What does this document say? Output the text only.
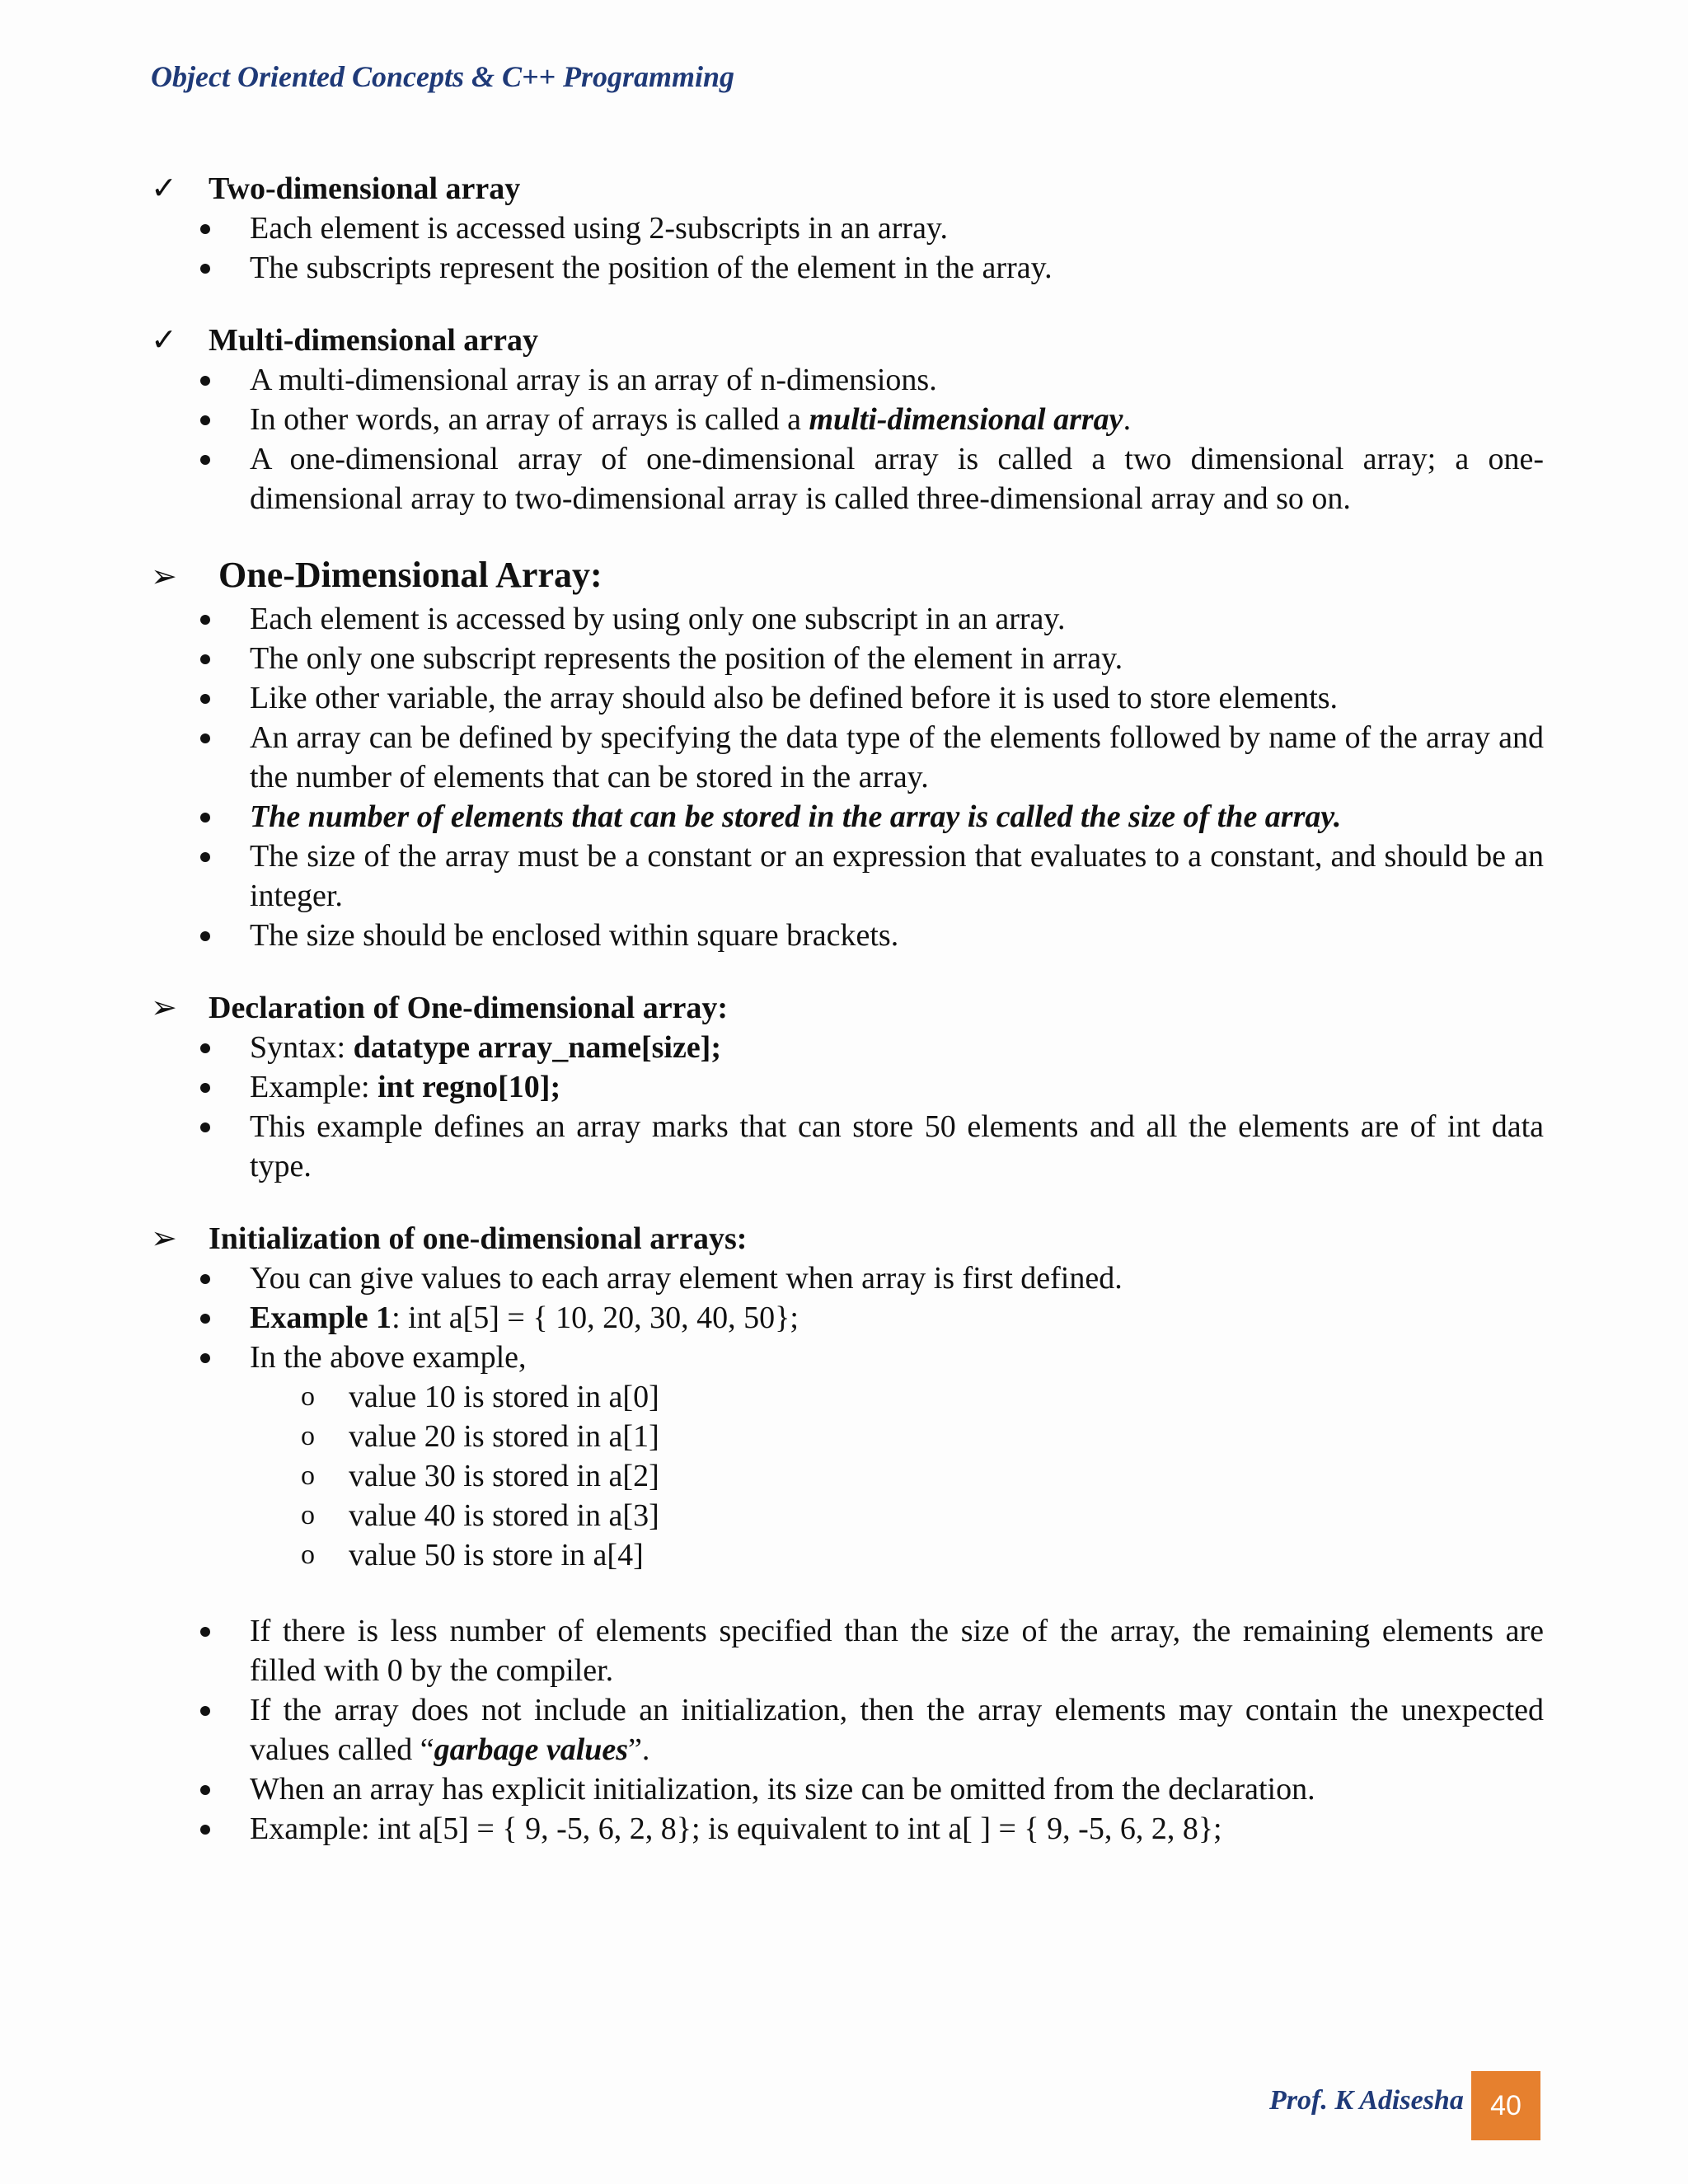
Object Oriented Concepts & C++ Programming
✓ Two-dimensional array
Each element is accessed using 2-subscripts in an array.
The subscripts represent the position of the element in the array.
✓ Multi-dimensional array
A multi-dimensional array is an array of n-dimensions.
In other words, an array of arrays is called a multi-dimensional array.
A one-dimensional array of one-dimensional array is called a two dimensional array; a one-dimensional array to two-dimensional array is called three-dimensional array and so on.
➢ One-Dimensional Array:
Each element is accessed by using only one subscript in an array.
The only one subscript represents the position of the element in array.
Like other variable, the array should also be defined before it is used to store elements.
An array can be defined by specifying the data type of the elements followed by name of the array and the number of elements that can be stored in the array.
The number of elements that can be stored in the array is called the size of the array.
The size of the array must be a constant or an expression that evaluates to a constant, and should be an integer.
The size should be enclosed within square brackets.
➢ Declaration of One-dimensional array:
Syntax: datatype array_name[size];
Example: int regno[10];
This example defines an array marks that can store 50 elements and all the elements are of int data type.
➢ Initialization of one-dimensional arrays:
You can give values to each array element when array is first defined.
Example 1: int a[5] = { 10, 20, 30, 40, 50};
In the above example,
o value 10 is stored in a[0]
o value 20 is stored in a[1]
o value 30 is stored in a[2]
o value 40 is stored in a[3]
o value 50 is store in a[4]
If there is less number of elements specified than the size of the array, the remaining elements are filled with 0 by the compiler.
If the array does not include an initialization, then the array elements may contain the unexpected values called “garbage values”.
When an array has explicit initialization, its size can be omitted from the declaration.
Example: int a[5] = { 9, -5, 6, 2, 8}; is equivalent to int a[ ] = { 9, -5, 6, 2, 8};
Prof. K Adisesha 40
